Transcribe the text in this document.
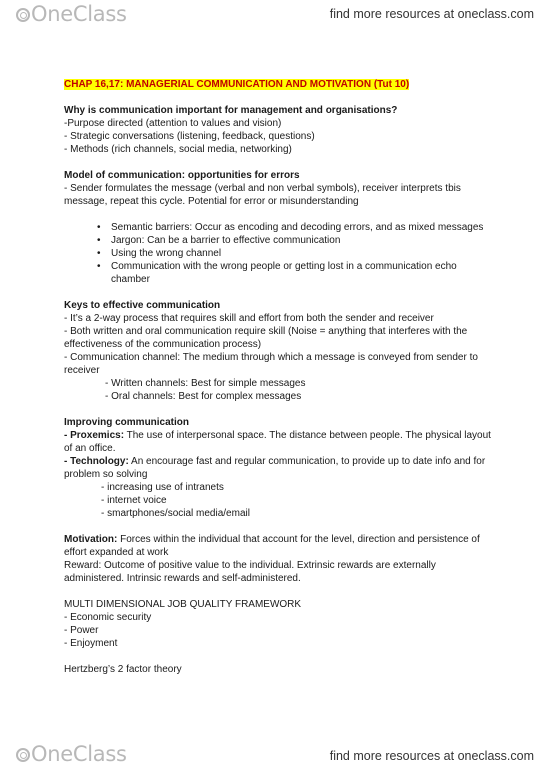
OneClass	find more resources at oneclass.com

CHAP 16,17: MANAGERIAL COMMUNICATION AND MOTIVATION (Tut 10)

Why is communication important for management and organisations?

-Purpose directed (attention to values and vision)

- Strategic conversations (listening, feedback, questions)

- Methods (rich channels, social media, networking)

Model of communication: opportunities for errors

- Sender formulates the message (verbal and non verbal symbols), receiver interprets tbis message, repeat this cycle. Potential for error or misunderstanding

• Semantic barriers: Occur as encoding and decoding errors, and as mixed messages
• Jargon: Can be a barrier to effective communication
• Using the wrong channel
• Communication with the wrong people or getting lost in a communication echo chamber

Keys to effective communication

- It’s a 2-way process that requires skill and effort from both the sender and receiver

- Both written and oral communication require skill (Noise = anything that interferes with the effectiveness of the communication process)

- Communication channel: The medium through which a message is conveyed from sender to receiver

- Written channels: Best for simple messages

- Oral channels: Best for complex messages

Improving communication

- Proxemics: The use of interpersonal space. The distance between people. The physical layout of an office.

- Technology: An encourage fast and regular communication, to provide up to date info and for problem so solving

- increasing use of intranets

- internet voice

- smartphones/social media/email

Motivation: Forces within the individual that account for the level, direction and persistence of effort expanded at work

Reward: Outcome of positive value to the individual. Extrinsic rewards are externally administered. Intrinsic rewards and self-administered.

MULTI DIMENSIONAL JOB QUALITY FRAMEWORK

- Economic security

- Power

- Enjoyment

Hertzberg’s 2 factor theory

OneClass	find more resources at oneclass.com
